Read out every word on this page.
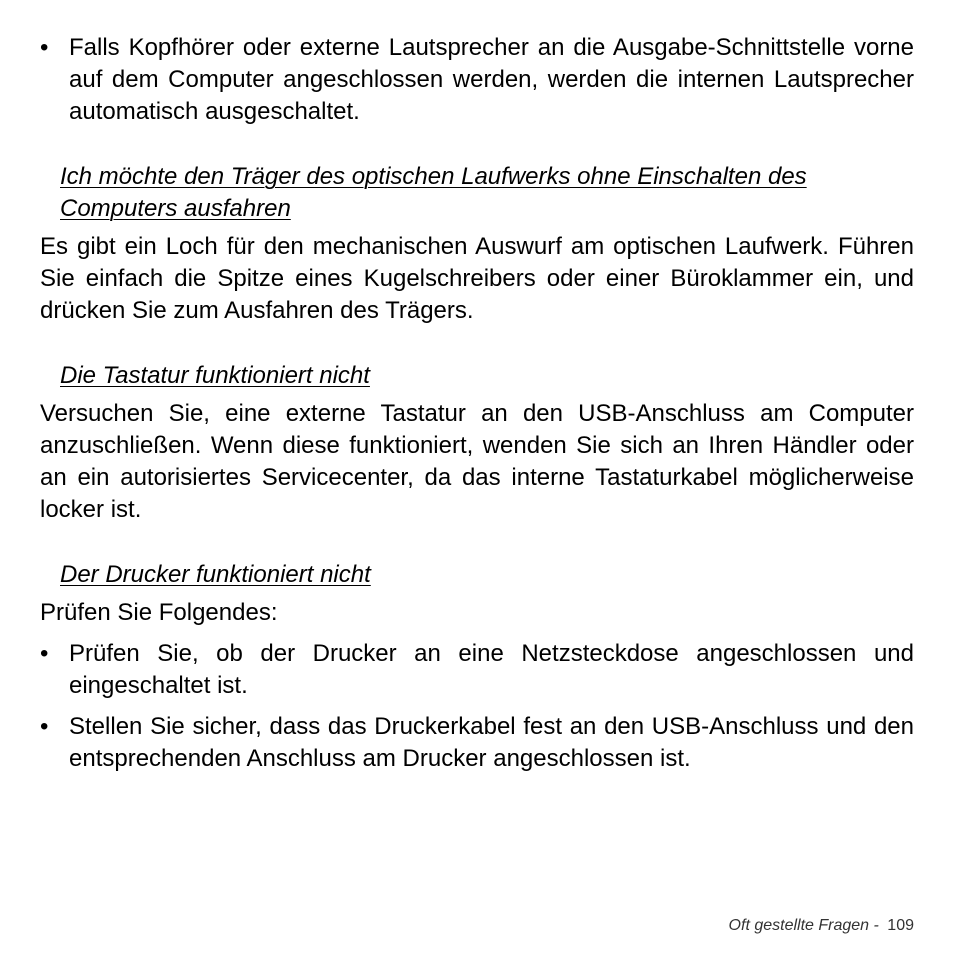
• Falls Kopfhörer oder externe Lautsprecher an die Ausgabe-Schnittstelle vorne auf dem Computer angeschlossen werden, werden die internen Lautsprecher automatisch ausgeschaltet.
Ich möchte den Träger des optischen Laufwerks ohne Einschalten des Computers ausfahren
Es gibt ein Loch für den mechanischen Auswurf am optischen Laufwerk. Führen Sie einfach die Spitze eines Kugelschreibers oder einer Büroklammer ein, und drücken Sie zum Ausfahren des Trägers.
Die Tastatur funktioniert nicht
Versuchen Sie, eine externe Tastatur an den USB-Anschluss am Computer anzuschließen. Wenn diese funktioniert, wenden Sie sich an Ihren Händler oder an ein autorisiertes Servicecenter, da das interne Tastaturkabel möglicherweise locker ist.
Der Drucker funktioniert nicht
Prüfen Sie Folgendes:
• Prüfen Sie, ob der Drucker an eine Netzsteckdose angeschlossen und eingeschaltet ist.
• Stellen Sie sicher, dass das Druckerkabel fest an den USB-Anschluss und den entsprechenden Anschluss am Drucker angeschlossen ist.
Oft gestellte Fragen - 109
